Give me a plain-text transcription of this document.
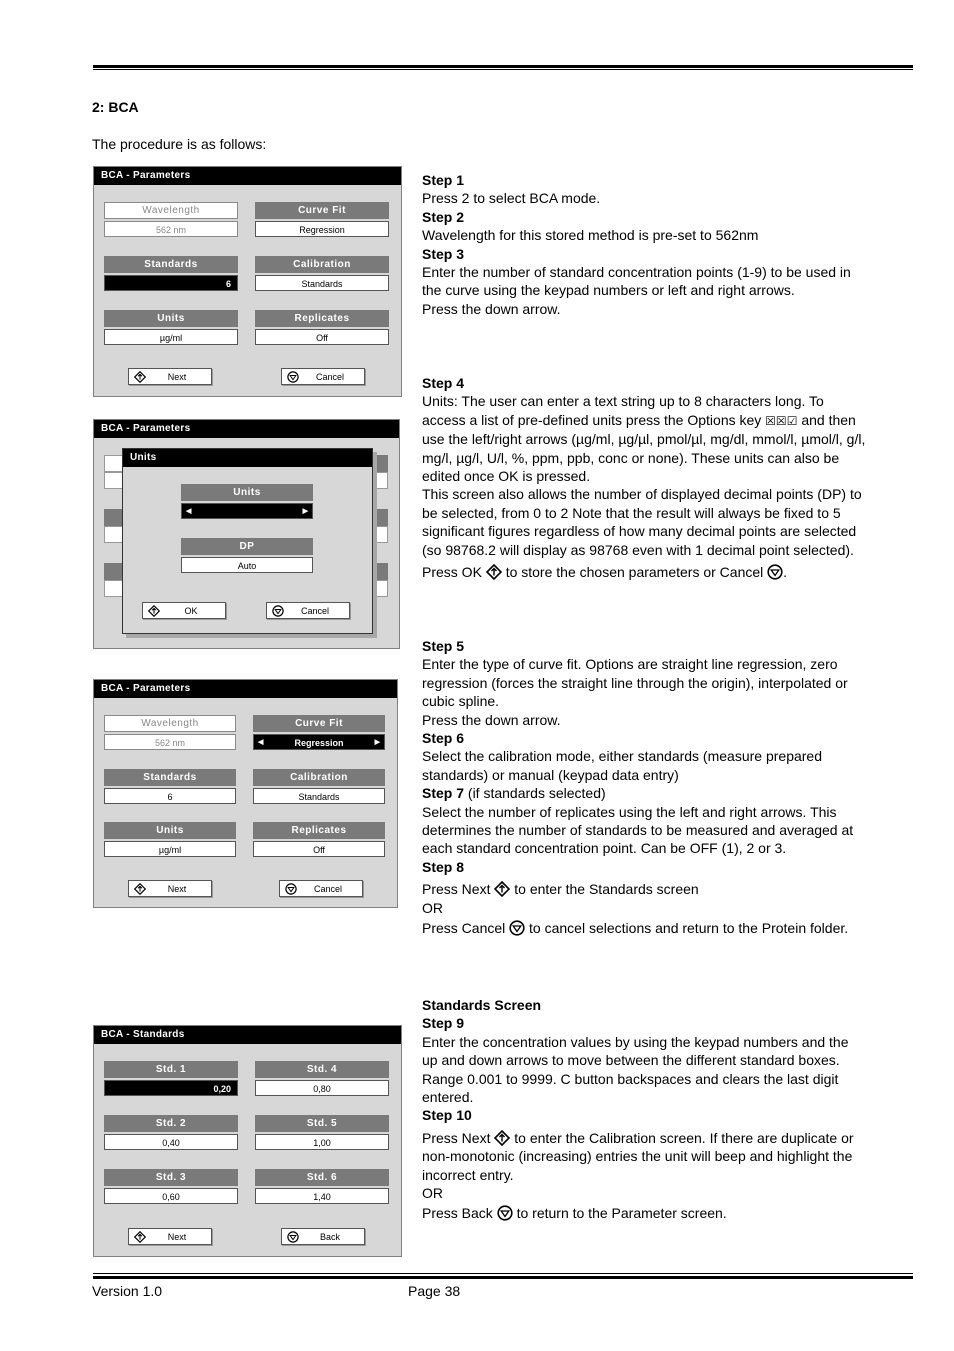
2: BCA
The procedure is as follows:
BCA - Parameters
Wavelength
562 nm
Curve Fit
Regression
Standards
6
Calibration
Standards
Units
µg/ml
Replicates
Off
Next	Cancel
BCA - Parameters
Units
Units
◀	▶
DP
Auto
OK	Cancel
BCA - Parameters
Wavelength
562 nm
Curve Fit
◀	Regression	▶
Standards
6
Calibration
Standards
Units
µg/ml
Replicates
Off
Next	Cancel
BCA - Standards
Std. 1
0,20
Std. 4
0,80
Std. 2
0,40
Std. 5
1,00
Std. 3
0,60
Std. 6
1,40
Next	Back

Step 1

Press 2 to select BCA mode.

Step 2

Wavelength for this stored method is pre-set to 562nm

Step 3

Enter the number of standard concentration points (1-9) to be used in the curve using the keypad numbers or left and right arrows.

Press the down arrow.

Step 4

Units: The user can enter a text string up to 8 characters long. To access a list of pre-defined units press the Options key ☒☒☑ and then use the left/right arrows (µg/ml, µg/µl, pmol/µl, mg/dl, mmol/l, µmol/l, g/l, mg/l, µg/l, U/l, %, ppm, ppb, conc or none). These units can also be edited once OK is pressed.

This screen also allows the number of displayed decimal points (DP) to be selected, from 0 to 2 Note that the result will always be fixed to 5 significant figures regardless of how many decimal points are selected (so 98768.2 will display as 98768 even with 1 decimal point selected).

Press OK to store the chosen parameters or Cancel .

Step 5

Enter the type of curve fit. Options are straight line regression, zero regression (forces the straight line through the origin), interpolated or cubic spline.

Press the down arrow.

Step 6

Select the calibration mode, either standards (measure prepared standards) or manual (keypad data entry)

Step 7 (if standards selected)

Select the number of replicates using the left and right arrows. This determines the number of standards to be measured and averaged at each standard concentration point. Can be OFF (1), 2 or 3.

Step 8

Press Next to enter the Standards screen

OR

Press Cancel to cancel selections and return to the Protein folder.

Standards Screen

Step 9

Enter the concentration values by using the keypad numbers and the up and down arrows to move between the different standard boxes. Range 0.001 to 9999. C button backspaces and clears the last digit entered.

Step 10

Press Next to enter the Calibration screen. If there are duplicate or non-monotonic (increasing) entries the unit will beep and highlight the incorrect entry.

OR

Press Back to return to the Parameter screen.

Version 1.0	Page 38
